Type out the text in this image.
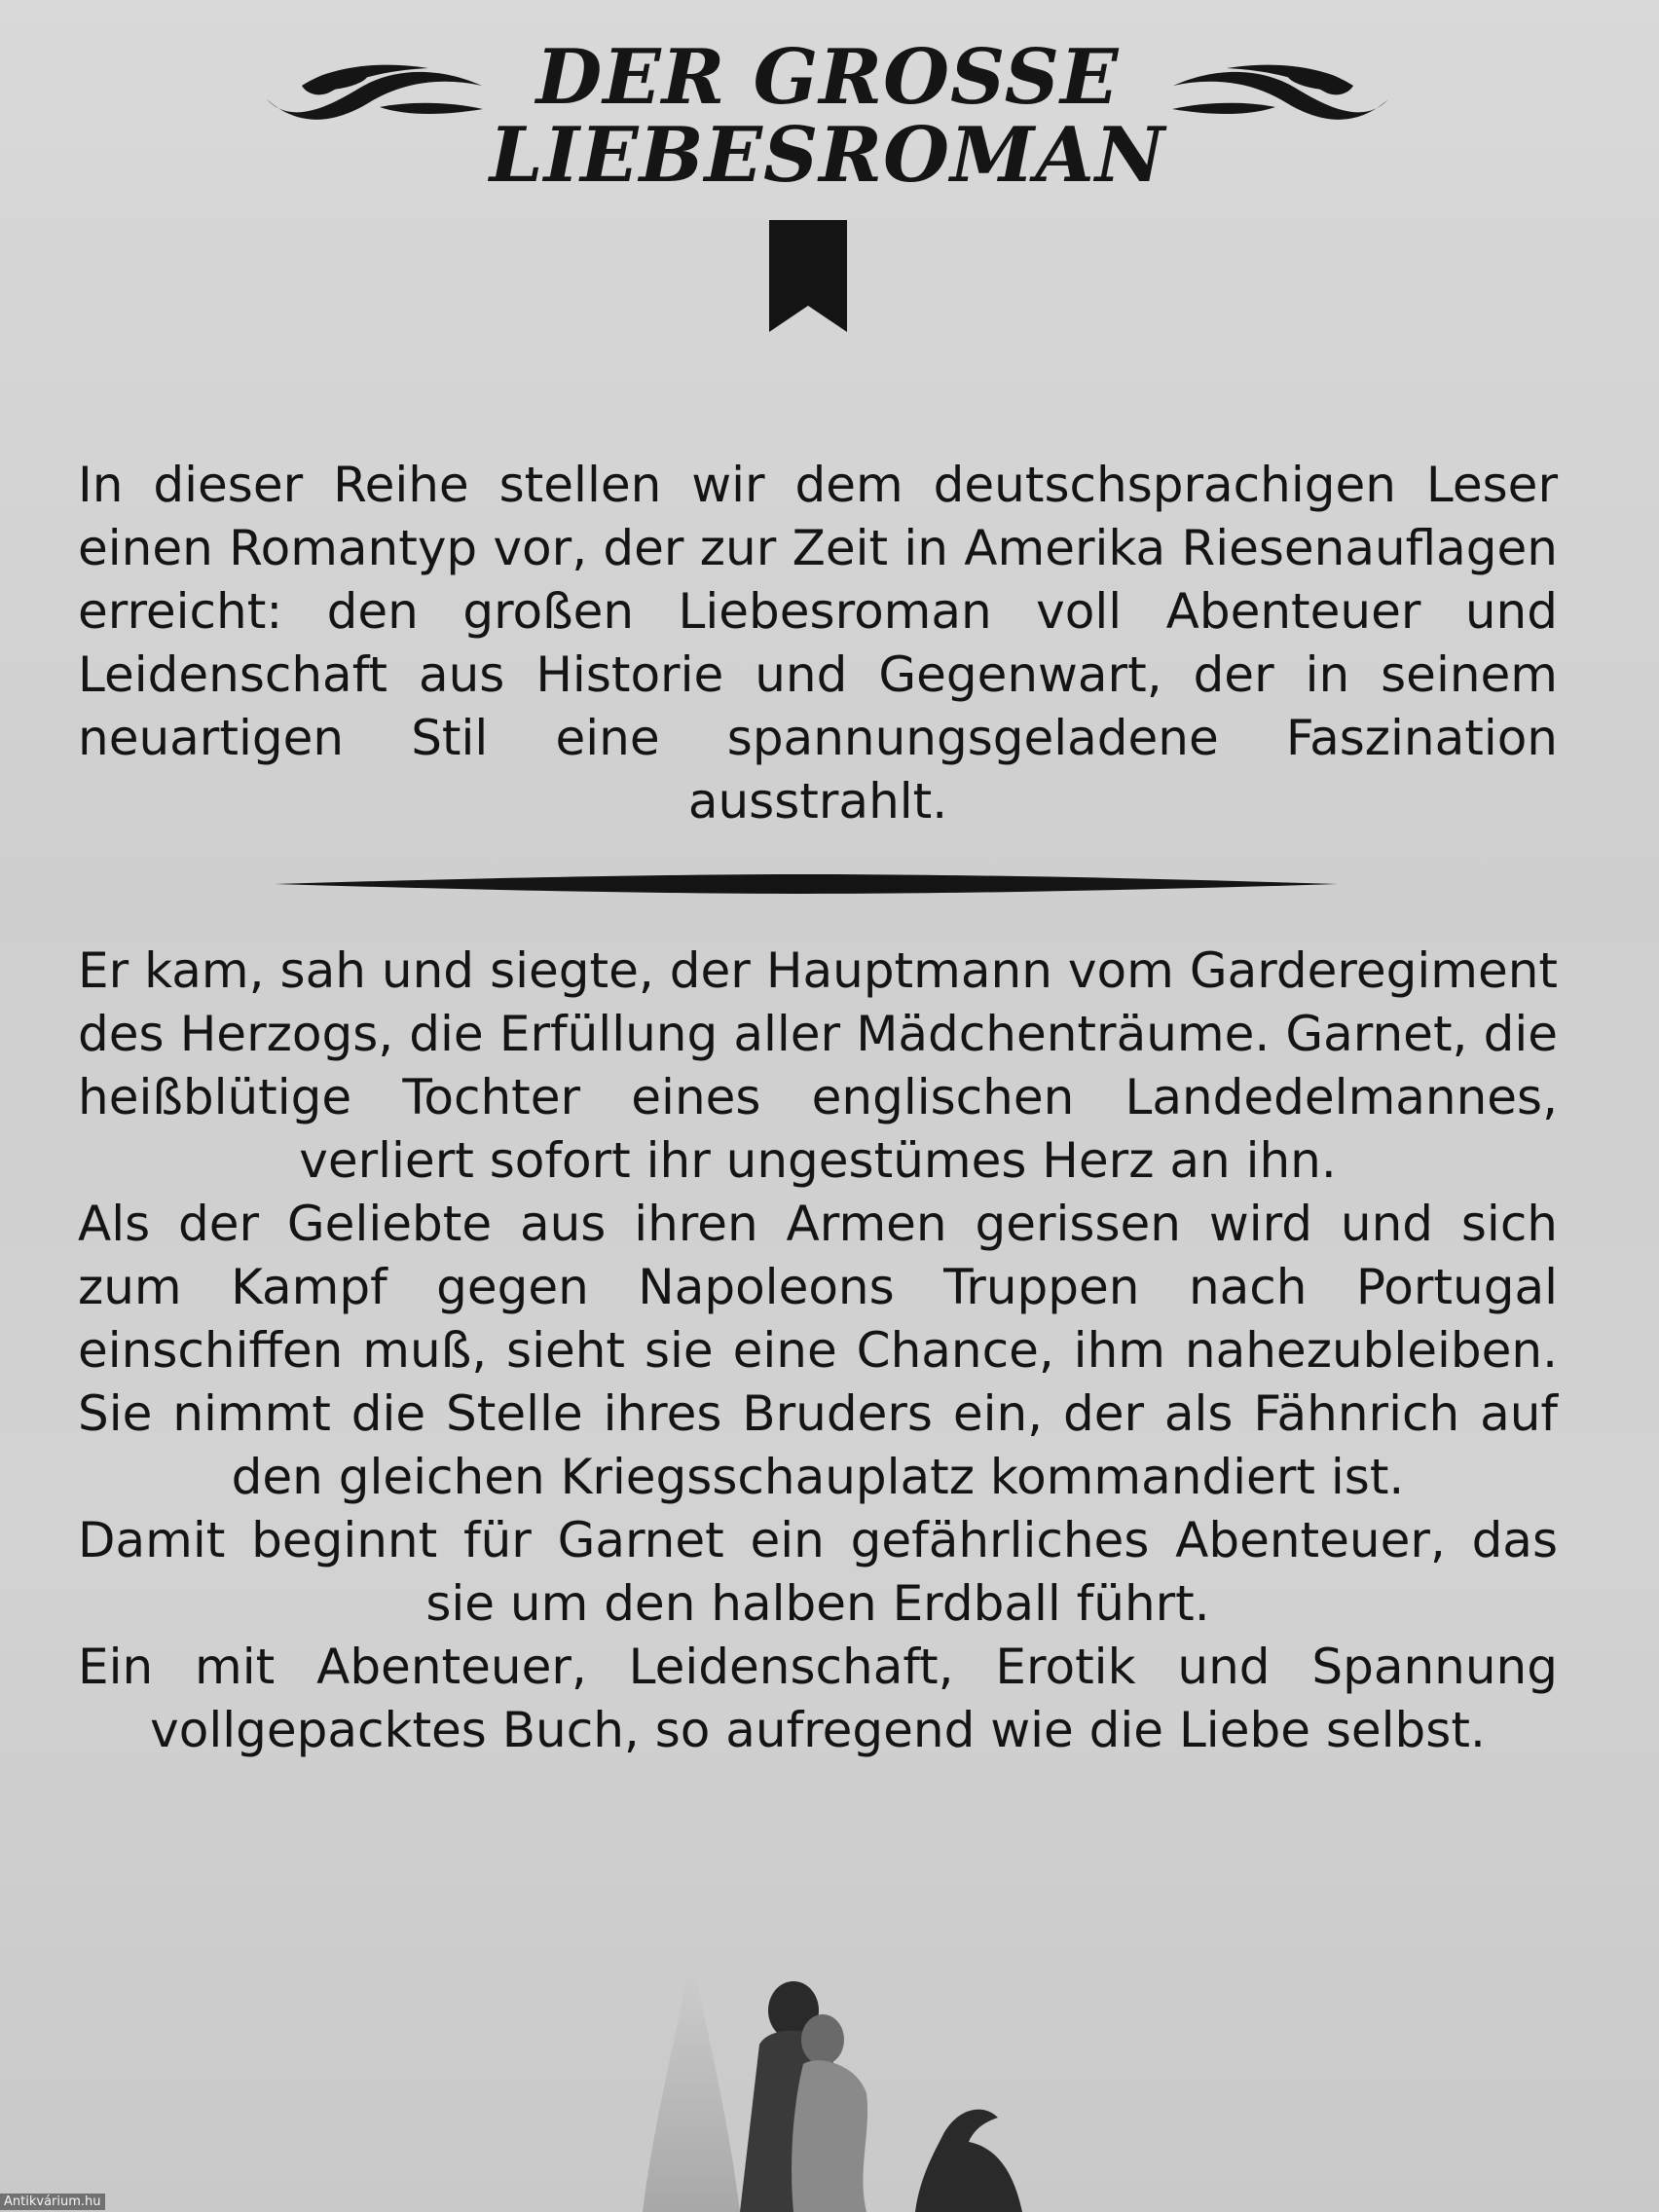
DER GROSSE
LIEBESROMAN

In dieser Reihe stellen wir dem deutschsprachigen Leser einen Romantyp vor, der zur Zeit in Amerika Riesenauflagen erreicht: den großen Liebesroman voll Abenteuer und Leidenschaft aus Historie und Gegenwart, der in seinem neuartigen Stil eine spannungsgeladene Faszination ausstrahlt.

Er kam, sah und siegte, der Hauptmann vom Garderegiment des Herzogs, die Erfüllung aller Mädchenträume. Garnet, die heißblütige Tochter eines englischen Landedelmannes, verliert sofort ihr ungestümes Herz an ihn.

Als der Geliebte aus ihren Armen gerissen wird und sich zum Kampf gegen Napoleons Truppen nach Portugal einschiffen muß, sieht sie eine Chance, ihm nahezubleiben. Sie nimmt die Stelle ihres Bruders ein, der als Fähnrich auf den gleichen Kriegsschauplatz kommandiert ist.

Damit beginnt für Garnet ein gefährliches Abenteuer, das sie um den halben Erdball führt.

Ein mit Abenteuer, Leidenschaft, Erotik und Spannung vollgepacktes Buch, so aufregend wie die Liebe selbst.

Antikvárium.hu
